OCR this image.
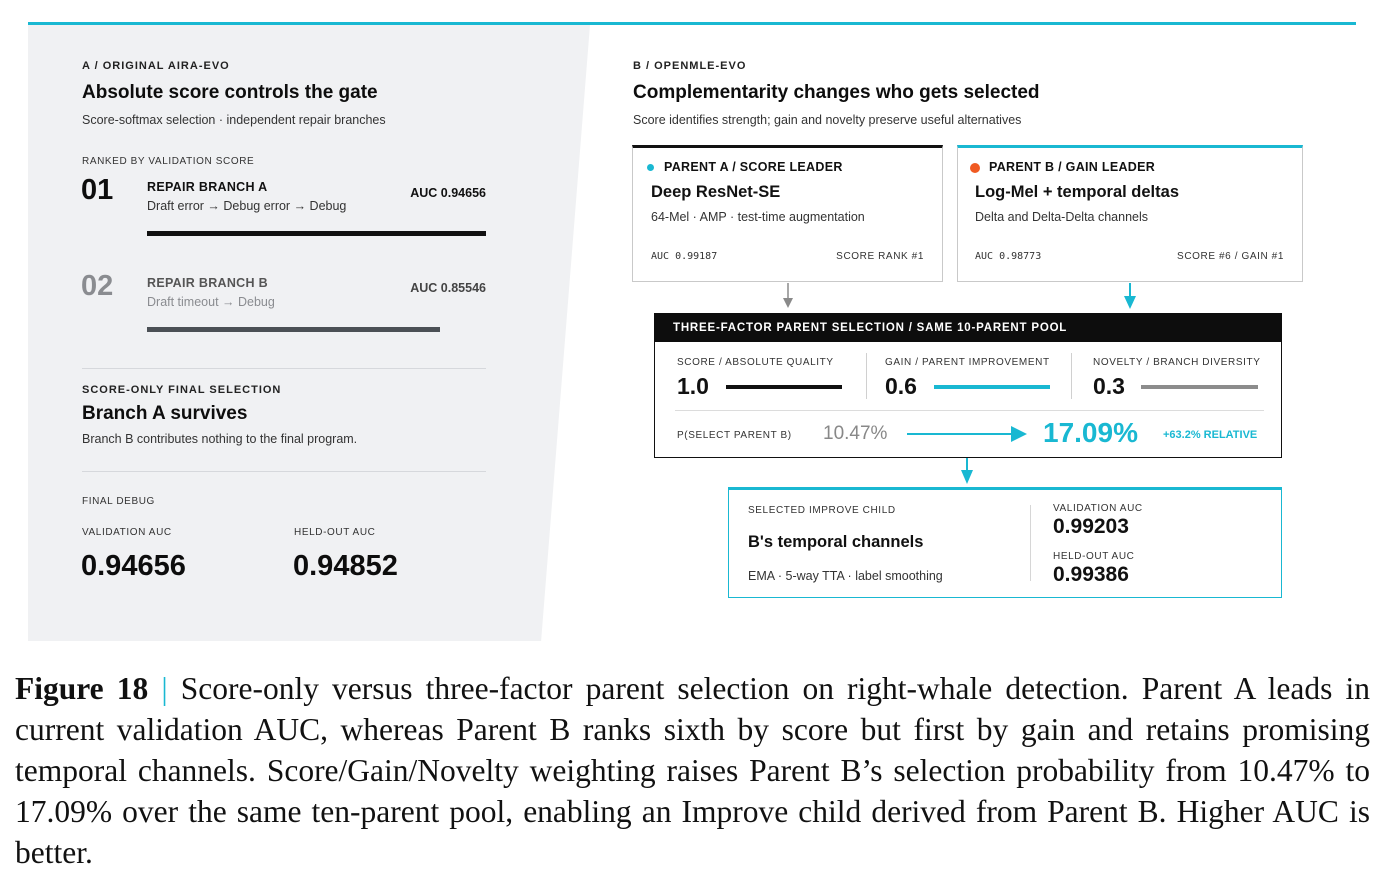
A / ORIGINAL AIRA-EVO
Absolute score controls the gate
Score-softmax selection · independent repair branches
RANKED BY VALIDATION SCORE
01	REPAIR BRANCH A
Draft error → Debug error → Debug
AUC 0.94656
02	REPAIR BRANCH B
Draft timeout → Debug
AUC 0.85546
SCORE-ONLY FINAL SELECTION
Branch A survives
Branch B contributes nothing to the final program.
FINAL DEBUG
VALIDATION AUC	HELD-OUT AUC
0.94656	0.94852
B / OPENMLE-EVO
Complementarity changes who gets selected
Score identifies strength; gain and novelty preserve useful alternatives
PARENT A / SCORE LEADER
Deep ResNet-SE
64-Mel · AMP · test-time augmentation
AUC 0.99187	SCORE RANK #1
PARENT B / GAIN LEADER
Log-Mel + temporal deltas
Delta and Delta-Delta channels
AUC 0.98773	SCORE #6 / GAIN #1
THREE-FACTOR PARENT SELECTION / SAME 10-PARENT POOL
SCORE / ABSOLUTE QUALITY
1.0
GAIN / PARENT IMPROVEMENT
0.6
NOVELTY / BRANCH DIVERSITY
0.3
P(SELECT PARENT B) 10.47%	17.09% +63.2% RELATIVE
SELECTED IMPROVE CHILD
B's temporal channels
EMA · 5-way TTA · label smoothing
VALIDATION AUC
0.99203
HELD-OUT AUC
0.99386
Figure 18 | Score-only versus three-factor parent selection on right-whale detection. Parent A leads in current validation AUC, whereas Parent B ranks sixth by score but first by gain and retains promising temporal channels. Score/Gain/Novelty weighting raises Parent B’s selection probability from 10.47% to 17.09% over the same ten-parent pool, enabling an Improve child derived from Parent B. Higher AUC is better.
